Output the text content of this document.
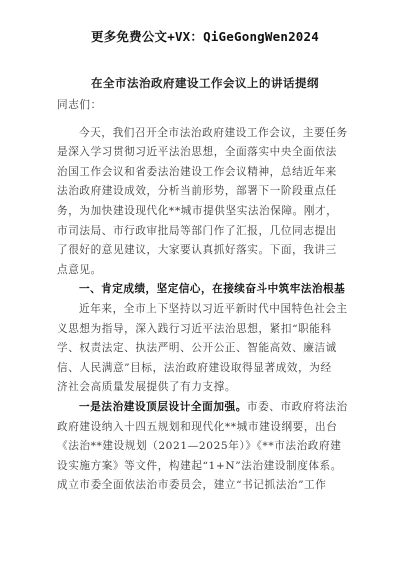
更多免费公文+VX：QiGeGongWen2024
在全市法治政府建设工作会议上的讲话提纲
同志们：
今天，我们召开全市法治政府建设工作会议，主要任务
是深入学习贯彻习近平法治思想，全面落实中央全面依法
治国工作会议和省委法治建设工作会议精神，总结近年来
法治政府建设成效，分析当前形势，部署下一阶段重点任
务，为加快建设现代化**城市提供坚实法治保障。刚才，
市司法局、市行政审批局等部门作了汇报，几位同志提出
了很好的意见建议，大家要认真抓好落实。下面，我讲三
点意见。
一、肯定成绩，坚定信心，在接续奋斗中筑牢法治根基
近年来，全市上下坚持以习近平新时代中国特色社会主
义思想为指导，深入践行习近平法治思想，紧扣“职能科
学、权责法定、执法严明、公开公正、智能高效、廉洁诚
信、人民满意”目标，法治政府建设取得显著成效，为经
济社会高质量发展提供了有力支撑。
一是法治建设顶层设计全面加强。市委、市政府将法治
政府建设纳入十四五规划和现代化**城市建设纲要，出台
《法治**建设规划（2021—2025年）》《**市法治政府建
设实施方案》等文件，构建起“1+N”法治建设制度体系。
成立市委全面依法治市委员会，建立“书记抓法治”工作
